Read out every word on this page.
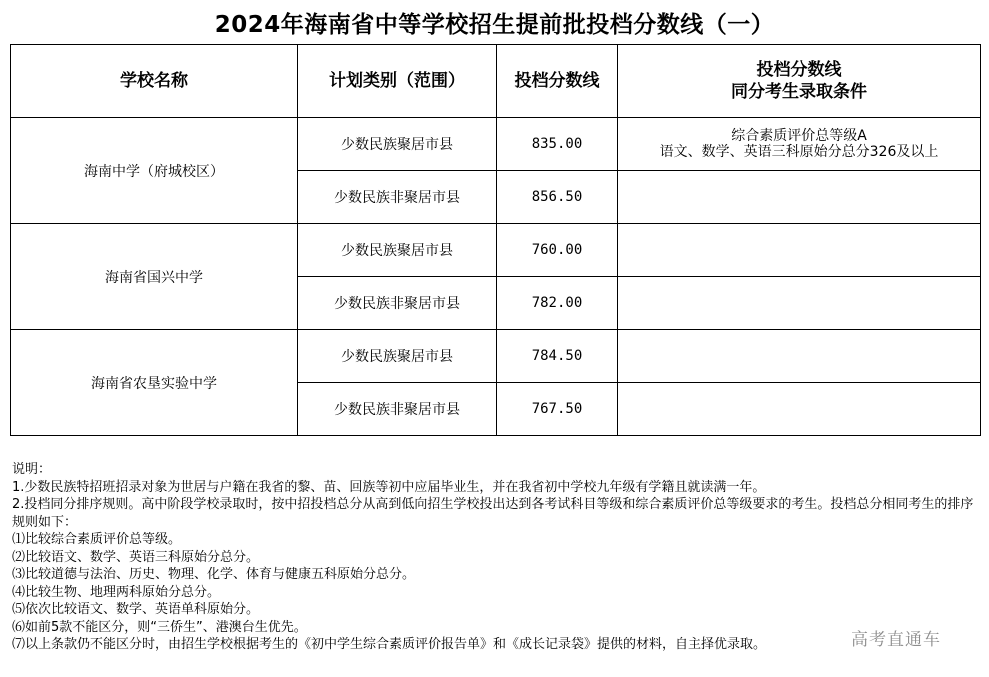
2024年海南省中等学校招生提前批投档分数线（一）
学校名称	计划类别（范围）	投档分数线	投档分数线
同分考生录取条件

海南中学（府城校区）	少数民族聚居市县	835.00	综合素质评价总等级A
语文、数学、英语三科原始分总分326及以上

	少数民族非聚居市县	856.50	
海南省国兴中学	少数民族聚居市县	760.00	
	少数民族非聚居市县	782.00	
海南省农垦实验中学	少数民族聚居市县	784.50	
	少数民族非聚居市县	767.50	
说明：
1.少数民族特招班招录对象为世居与户籍在我省的黎、苗、回族等初中应届毕业生，并在我省初中学校九年级有学籍且就读满一年。
2.投档同分排序规则。高中阶段学校录取时，按中招投档总分从高到低向招生学校投出达到各考试科目等级和综合素质评价总等级要求的考生。投档总分相同考生的排序规则如下：
⑴比较综合素质评价总等级。
⑵比较语文、数学、英语三科原始分总分。
⑶比较道德与法治、历史、物理、化学、体育与健康五科原始分总分。
⑷比较生物、地理两科原始分总分。
⑸依次比较语文、数学、英语单科原始分。
⑹如前5款不能区分，则“三侨生”、港澳台生优先。
⑺以上条款仍不能区分时，由招生学校根据考生的《初中学生综合素质评价报告单》和《成长记录袋》提供的材料，自主择优录取。	高考直通车
